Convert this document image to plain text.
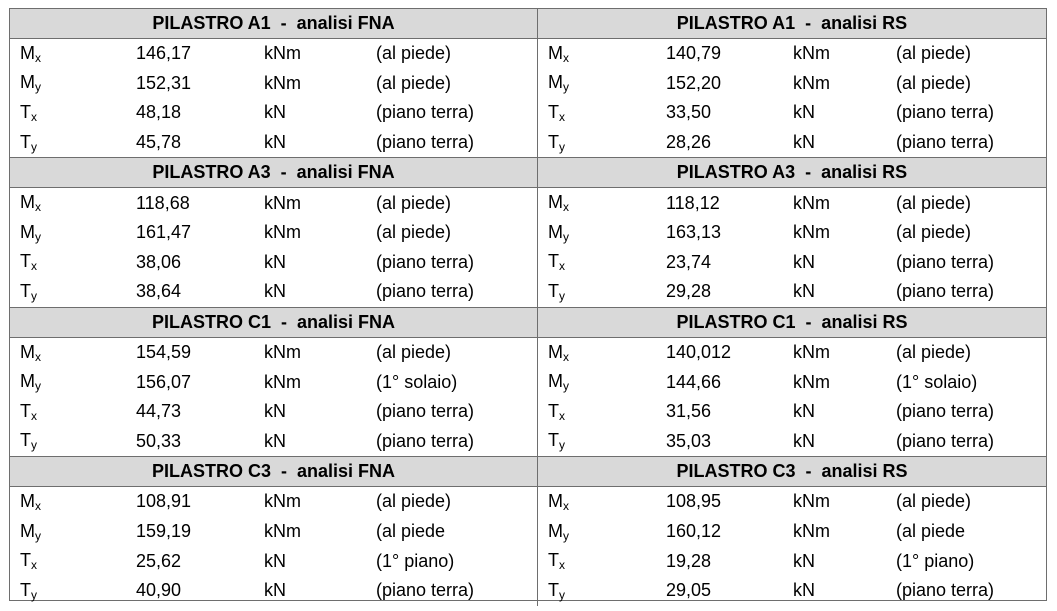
PILASTRO A1  -  analisi FNA
$M_x$	146,17	kNm	(al piede)
$M_y$	152,31	kNm	(al piede)
$T_x$	48,18	kN	(piano terra)
$T_y$	45,78	kN	(piano terra)
PILASTRO A1  -  analisi RS
$M_x$	140,79	kNm	(al piede)
$M_y$	152,20	kNm	(al piede)
$T_x$	33,50	kN	(piano terra)
$T_y$	28,26	kN	(piano terra)
PILASTRO A3  -  analisi FNA
$M_x$	118,68	kNm	(al piede)
$M_y$	161,47	kNm	(al piede)
$T_x$	38,06	kN	(piano terra)
$T_y$	38,64	kN	(piano terra)
PILASTRO A3  -  analisi RS
$M_x$	118,12	kNm	(al piede)
$M_y$	163,13	kNm	(al piede)
$T_x$	23,74	kN	(piano terra)
$T_y$	29,28	kN	(piano terra)
PILASTRO C1  -  analisi FNA
$M_x$	154,59	kNm	(al piede)
$M_y$	156,07	kNm	(1° solaio)
$T_x$	44,73	kN	(piano terra)
$T_y$	50,33	kN	(piano terra)
PILASTRO C1  -  analisi RS
$M_x$	140,012	kNm	(al piede)
$M_y$	144,66	kNm	(1° solaio)
$T_x$	31,56	kN	(piano terra)
$T_y$	35,03	kN	(piano terra)
PILASTRO C3  -  analisi FNA
$M_x$	108,91	kNm	(al piede)
$M_y$	159,19	kNm	(al piede
$T_x$	25,62	kN	(1° piano)
$T_y$	40,90	kN	(piano terra)
PILASTRO C3  -  analisi RS
$M_x$	108,95	kNm	(al piede)
$M_y$	160,12	kNm	(al piede
$T_x$	19,28	kN	(1° piano)
$T_y$	29,05	kN	(piano terra)
